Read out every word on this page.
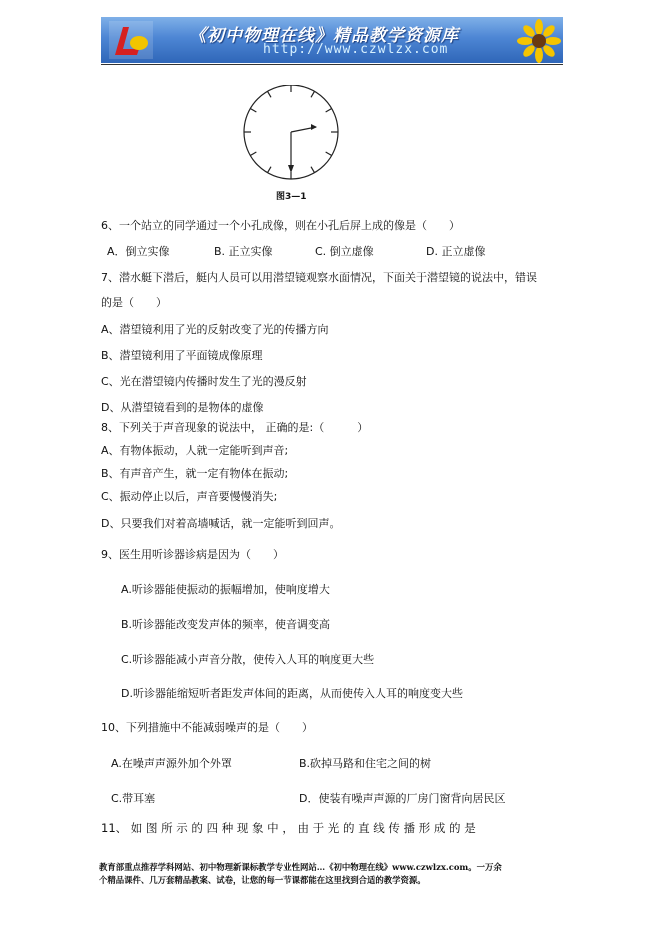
《初中物理在线》精品教学资源库
http://www.czwlzx.com
图3—1
6、一个站立的同学通过一个小孔成像，则在小孔后屏上成的像是（　　）
A．倒立实像	B. 正立实像	C. 倒立虚像	D. 正立虚像
7、潜水艇下潜后，艇内人员可以用潜望镜观察水面情况，下面关于潜望镜的说法中，错误
的是（　　）
A、潜望镜利用了光的反射改变了光的传播方向
B、潜望镜利用了平面镜成像原理
C、光在潜望镜内传播时发生了光的漫反射
D、从潜望镜看到的是物体的虚像
8、下列关于声音现象的说法中， 正确的是:（　　　）
A、有物体振动，人就一定能听到声音;
B、有声音产生，就一定有物体在振动;
C、振动停止以后，声音要慢慢消失;
D、只要我们对着高墙喊话，就一定能听到回声。
9、医生用听诊器诊病是因为（　　）
A.听诊器能使振动的振幅增加，使响度增大
B.听诊器能改变发声体的频率，使音调变高
C.听诊器能减小声音分散，使传入人耳的响度更大些
D.听诊器能缩短听者距发声体间的距离，从而使传入人耳的响度变大些
10、下列措施中不能减弱噪声的是（　　）
A.在噪声声源外加个外罩	B.砍掉马路和住宅之间的树
C.带耳塞	D．使装有噪声声源的厂房门窗背向居民区
11、 如 图 所 示 的 四 种 现 象 中 ， 由 于 光 的 直 线 传 播 形 成 的 是
教育部重点推荐学科网站、初中物理新课标教学专业性网站…《初中物理在线》www.czwlzx.com。一万余
个精品课件、几万套精品教案、试卷，让您的每一节课都能在这里找到合适的教学资源。
